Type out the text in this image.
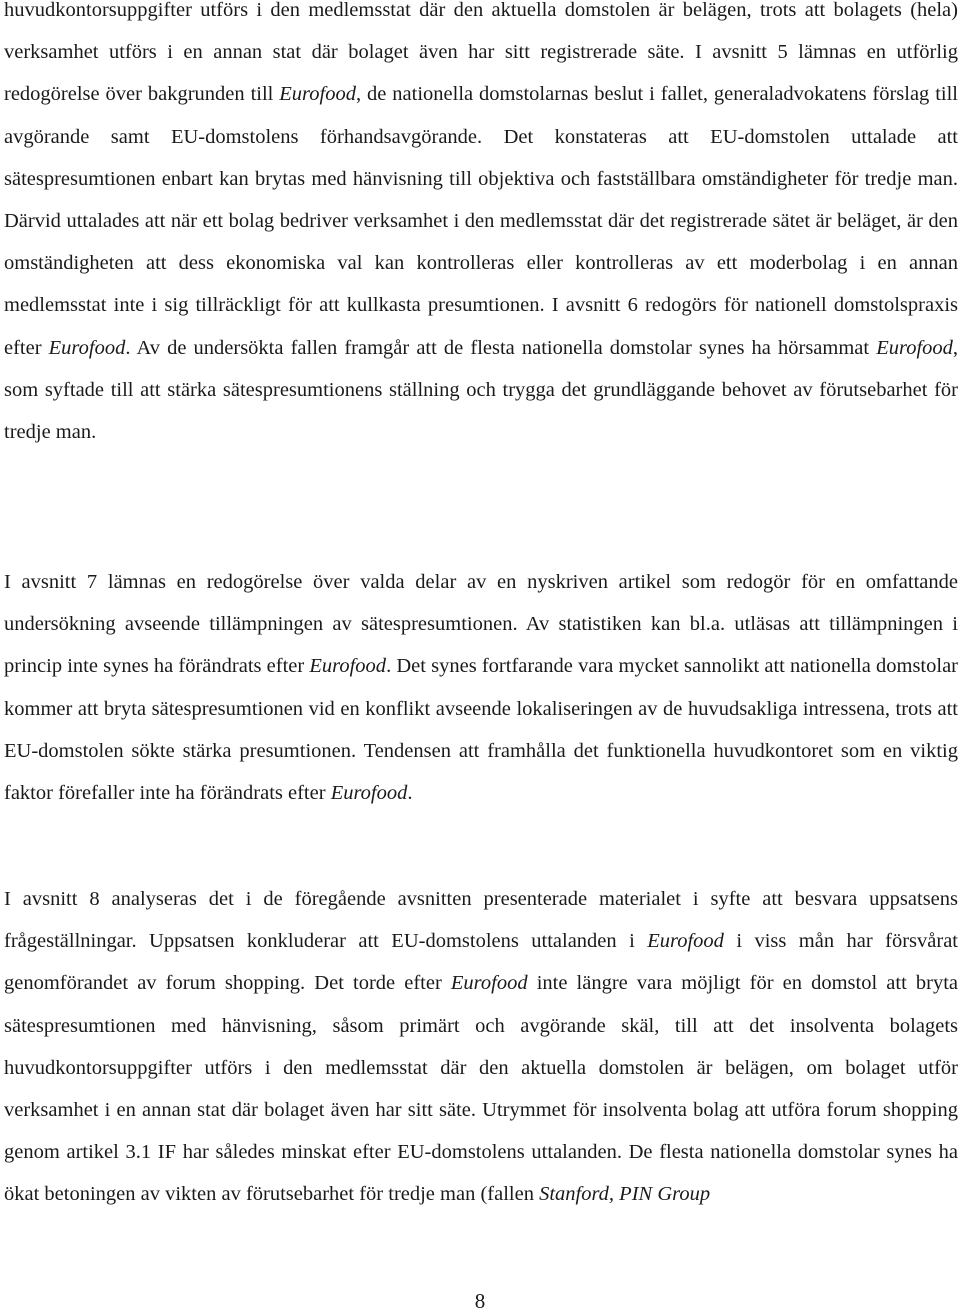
huvudkontorsuppgifter utförs i den medlemsstat där den aktuella domstolen är belägen, trots att bolagets (hela) verksamhet utförs i en annan stat där bolaget även har sitt registrerade säte. I avsnitt 5 lämnas en utförlig redogörelse över bakgrunden till Eurofood, de nationella domstolarnas beslut i fallet, generaladvokatens förslag till avgörande samt EU-domstolens förhandsavgörande. Det konstateras att EU-domstolen uttalade att sätespresumtionen enbart kan brytas med hänvisning till objektiva och fastställbara omständigheter för tredje man. Därvid uttalades att när ett bolag bedriver verksamhet i den medlemsstat där det registrerade sätet är beläget, är den omständigheten att dess ekonomiska val kan kontrolleras eller kontrolleras av ett moderbolag i en annan medlemsstat inte i sig tillräckligt för att kullkasta presumtionen. I avsnitt 6 redogörs för nationell domstolspraxis efter Eurofood. Av de undersökta fallen framgår att de flesta nationella domstolar synes ha hörsammat Eurofood, som syftade till att stärka sätespresumtionens ställning och trygga det grundläggande behovet av förutsebarhet för tredje man.

I avsnitt 7 lämnas en redogörelse över valda delar av en nyskriven artikel som redogör för en omfattande undersökning avseende tillämpningen av sätespresumtionen. Av statistiken kan bl.a. utläsas att tillämpningen i princip inte synes ha förändrats efter Eurofood. Det synes fortfarande vara mycket sannolikt att nationella domstolar kommer att bryta sätespresumtionen vid en konflikt avseende lokaliseringen av de huvudsakliga intressena, trots att EU-domstolen sökte stärka presumtionen. Tendensen att framhålla det funktionella huvudkontoret som en viktig faktor förefaller inte ha förändrats efter Eurofood.

I avsnitt 8 analyseras det i de föregående avsnitten presenterade materialet i syfte att besvara uppsatsens frågeställningar. Uppsatsen konkluderar att EU-domstolens uttalanden i Eurofood i viss mån har försvårat genomförandet av forum shopping. Det torde efter Eurofood inte längre vara möjligt för en domstol att bryta sätespresumtionen med hänvisning, såsom primärt och avgörande skäl, till att det insolventa bolagets huvudkontorsuppgifter utförs i den medlemsstat där den aktuella domstolen är belägen, om bolaget utför verksamhet i en annan stat där bolaget även har sitt säte. Utrymmet för insolventa bolag att utföra forum shopping genom artikel 3.1 IF har således minskat efter EU-domstolens uttalanden. De flesta nationella domstolar synes ha ökat betoningen av vikten av förutsebarhet för tredje man (fallen Stanford, PIN Group

8
